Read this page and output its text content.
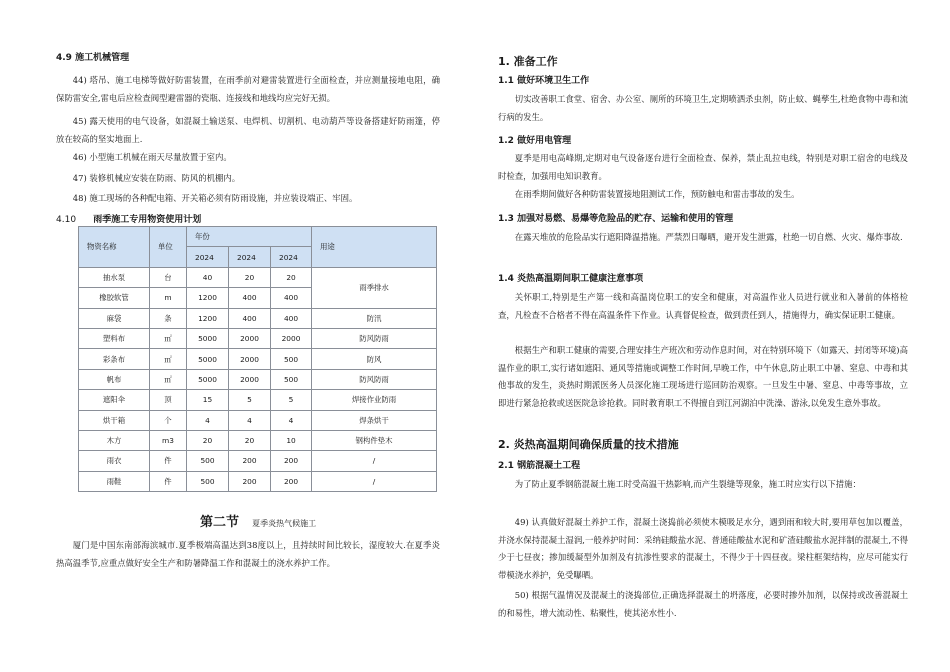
4.9 施工机械管理
44) 塔吊、施工电梯等做好防雷装置，在雨季前对避雷装置进行全面检查，并应测量接地电阻，确保防雷安全,雷电后应检查阀型避雷器的瓷瓶、连接线和地线均应完好无损。
45) 露天使用的电气设备，如混凝土输送泵、电焊机、切割机、电动葫芦等设备搭建好防雨篷，停放在较高的坚实地面上.
46) 小型施工机械在雨天尽量放置于室内。
47) 装修机械应安装在防雨、防风的机棚内。
48) 施工现场的各种配电箱、开关箱必须有防雨设施，并应装设端正、牢固。
4.10 雨季施工专用物资使用计划
物资名称	单位	年份			用途
		2024	2024	2024	
抽水泵	台	40	20	20	雨季排水
橡胶软管	m	1200	400	400	
麻袋	条	1200	400	400	防汛
塑料布	㎡	5000	2000	2000	防风防雨
彩条布	㎡	5000	2000	500	防风
帆布	㎡	5000	2000	500	防风防雨
遮阳伞	顶	15	5	5	焊接作业防雨
烘干箱	个	4	4	4	焊条烘干
木方	m3	20	20	10	钢构件垫木
雨衣	件	500	200	200	/
雨鞋	件	500	200	200	/
第二节 夏季炎热气候施工
厦门是中国东南部海滨城市.夏季极端高温达到38度以上，且持续时间比较长，湿度较大.在夏季炎热高温季节,应重点做好安全生产和防暑降温工作和混凝土的浇水养护工作。
1. 准备工作
1.1 做好环境卫生工作
切实改善职工食堂、宿舍、办公室、厕所的环境卫生,定期喷洒杀虫剂，防止蚊、蝇孳生,杜绝食物中毒和流行病的发生。
1.2 做好用电管理
夏季是用电高峰期,定期对电气设备逐台进行全面检查、保养，禁止乱拉电线，特别是对职工宿舍的电线及时检查，加强用电知识教育。
在雨季期间做好各种防雷装置接地阻测试工作，预防触电和雷击事故的发生。
1.3 加强对易燃、易爆等危险品的贮存、运输和使用的管理
在露天堆放的危险品实行遮阳降温措施。严禁烈日曝晒，避开发生泄露，杜绝一切自燃、火灾、爆炸事故.
1.4 炎热高温期间职工健康注意事项
关怀职工,特别是生产第一线和高温岗位职工的安全和健康，对高温作业人员进行就业和入暑前的体格检查，凡检查不合格者不得在高温条件下作业。认真督促检查，做到责任到人，措施得力，确实保证职工健康。
根据生产和职工健康的需要,合理安排生产班次和劳动作息时间，对在特别环境下（如露天、封闭等环境)高温作业的职工,实行诸如遮阳、通风等措施或调整工作时间,早晚工作，中午休息,防止职工中暑、窒息、中毒和其他事故的发生，炎热时期派医务人员深化施工现场进行巡回防治观察。一旦发生中暑、窒息、中毒等事故，立即进行紧急抢救或送医院急诊抢救。同时教育职工不得擅自到江河湖泊中洗澡、游泳,以免发生意外事故。
2. 炎热高温期间确保质量的技术措施
2.1 钢筋混凝土工程
为了防止夏季钢筋混凝土施工时受高温干热影响,而产生裂缝等现象，施工时应实行以下措施：
49) 认真做好混凝土养护工作，混凝土浇捣前必须使木模吸足水分，遇到雨和较大时,要用草包加以覆盖，并浇水保持混凝土湿润,一般养护时间：采纳硅酸盐水泥、普通硅酸盐水泥和矿渣硅酸盐水泥拌制的混凝土,不得少于七昼夜；掺加缓凝型外加剂及有抗渗性要求的混凝土，不得少于十四昼夜。梁柱框架结构，应尽可能实行带模浇水养护，免受曝晒。
50) 根据气温情况及混凝土的浇捣部位,正确选择混凝土的坍落度，必要时掺外加剂，以保持或改善混凝土的和易性，增大流动性、粘聚性，使其泌水性小.
